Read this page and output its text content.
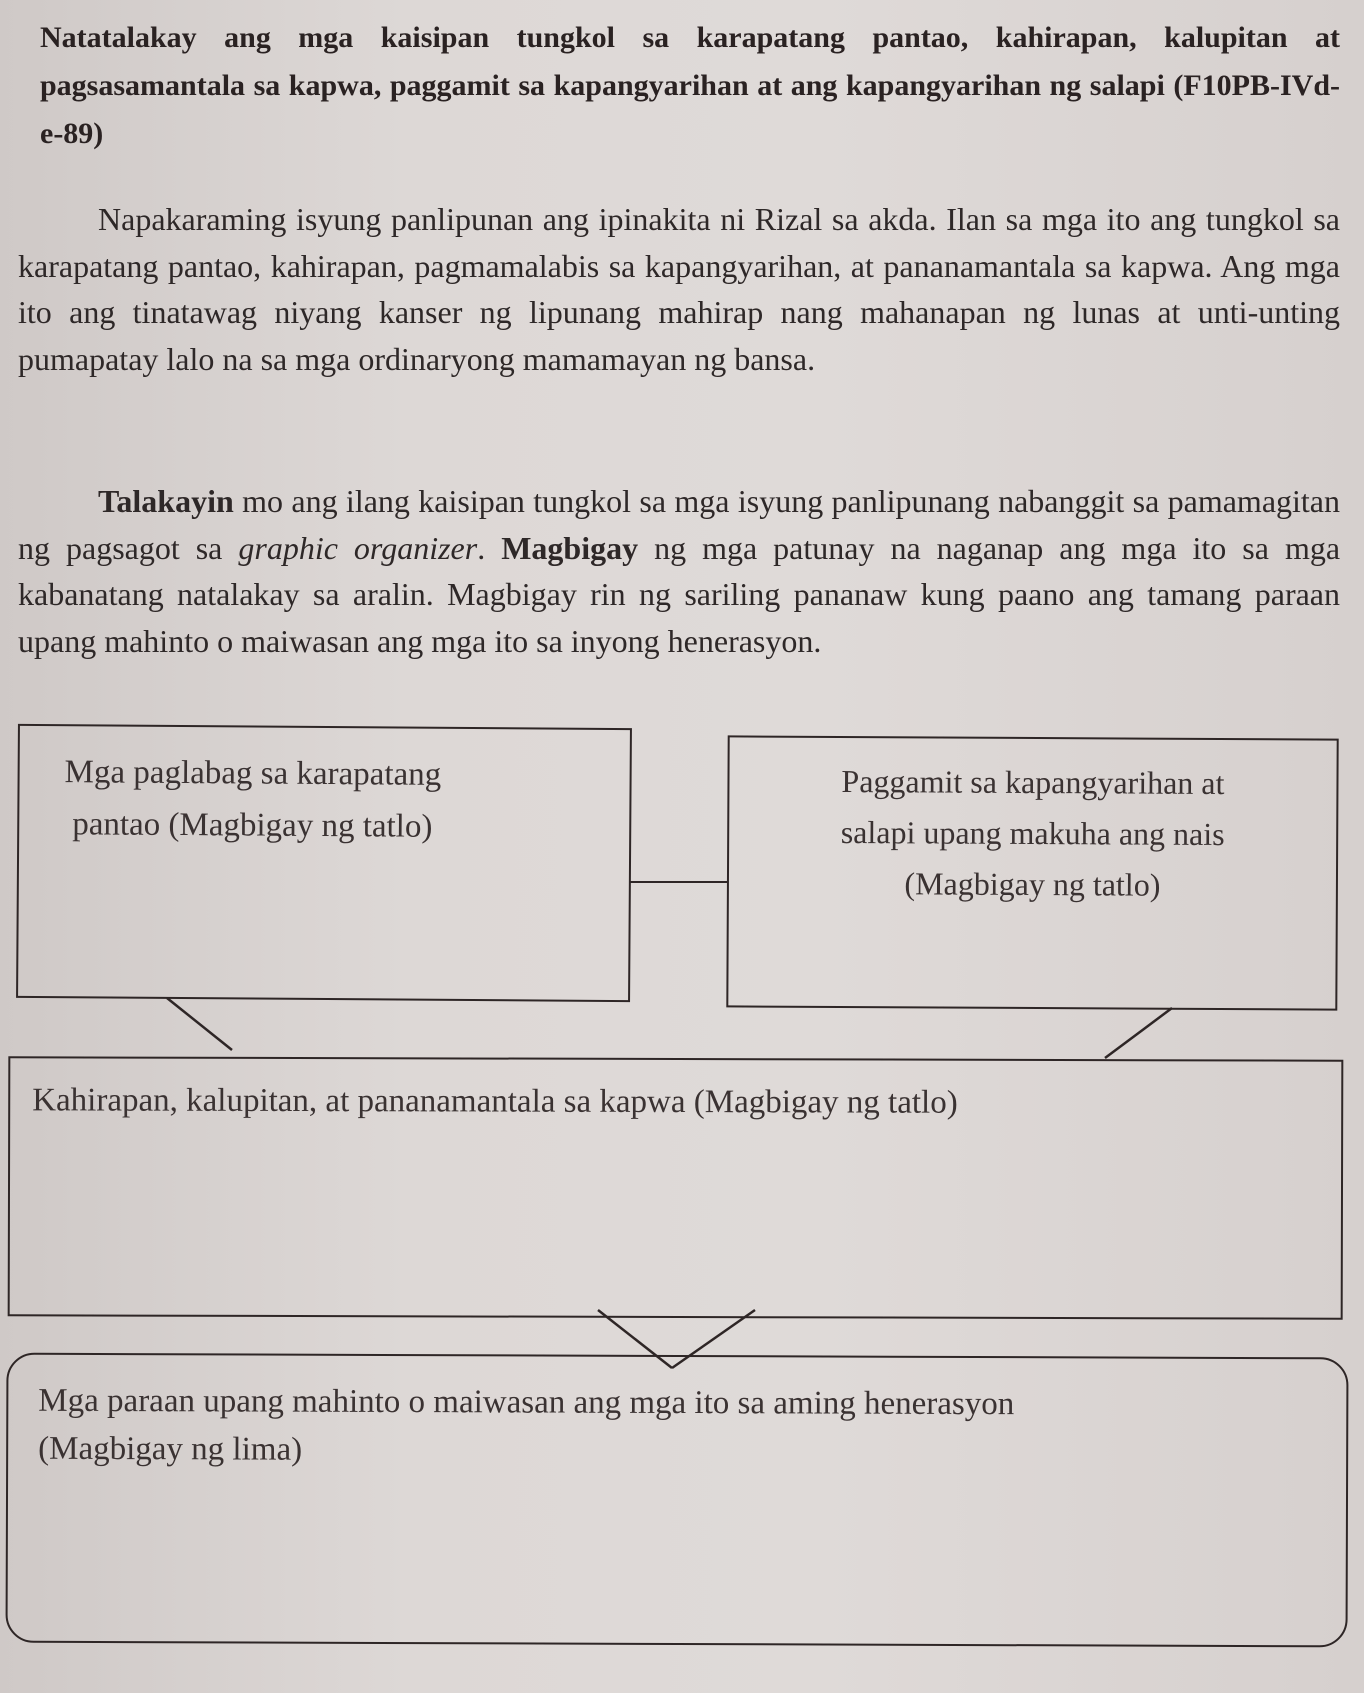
Natatalakay ang mga kaisipan tungkol sa karapatang pantao, kahirapan, kalupitan at pagsasamantala sa kapwa, paggamit sa kapangyarihan at ang kapangyarihan ng salapi (F10PB-IVd-e-89)
Napakaraming isyung panlipunan ang ipinakita ni Rizal sa akda. Ilan sa mga ito ang tungkol sa karapatang pantao, kahirapan, pagmamalabis sa kapangyarihan, at pananamantala sa kapwa. Ang mga ito ang tinatawag niyang kanser ng lipunang mahirap nang mahanapan ng lunas at unti-unting pumapatay lalo na sa mga ordinaryong mamamayan ng bansa.
Talakayin mo ang ilang kaisipan tungkol sa mga isyung panlipunang nabanggit sa pamamagitan ng pagsagot sa graphic organizer. Magbigay ng mga patunay na naganap ang mga ito sa mga kabanatang natalakay sa aralin. Magbigay rin ng sariling pananaw kung paano ang tamang paraan upang mahinto o maiwasan ang mga ito sa inyong henerasyon.
Mga paglabag sa karapatang
pantao (Magbigay ng tatlo)
Paggamit sa kapangyarihan at
salapi upang makuha ang nais
(Magbigay ng tatlo)
Kahirapan, kalupitan, at pananamantala sa kapwa (Magbigay ng tatlo)
Mga paraan upang mahinto o maiwasan ang mga ito sa aming henerasyon
(Magbigay ng lima)
